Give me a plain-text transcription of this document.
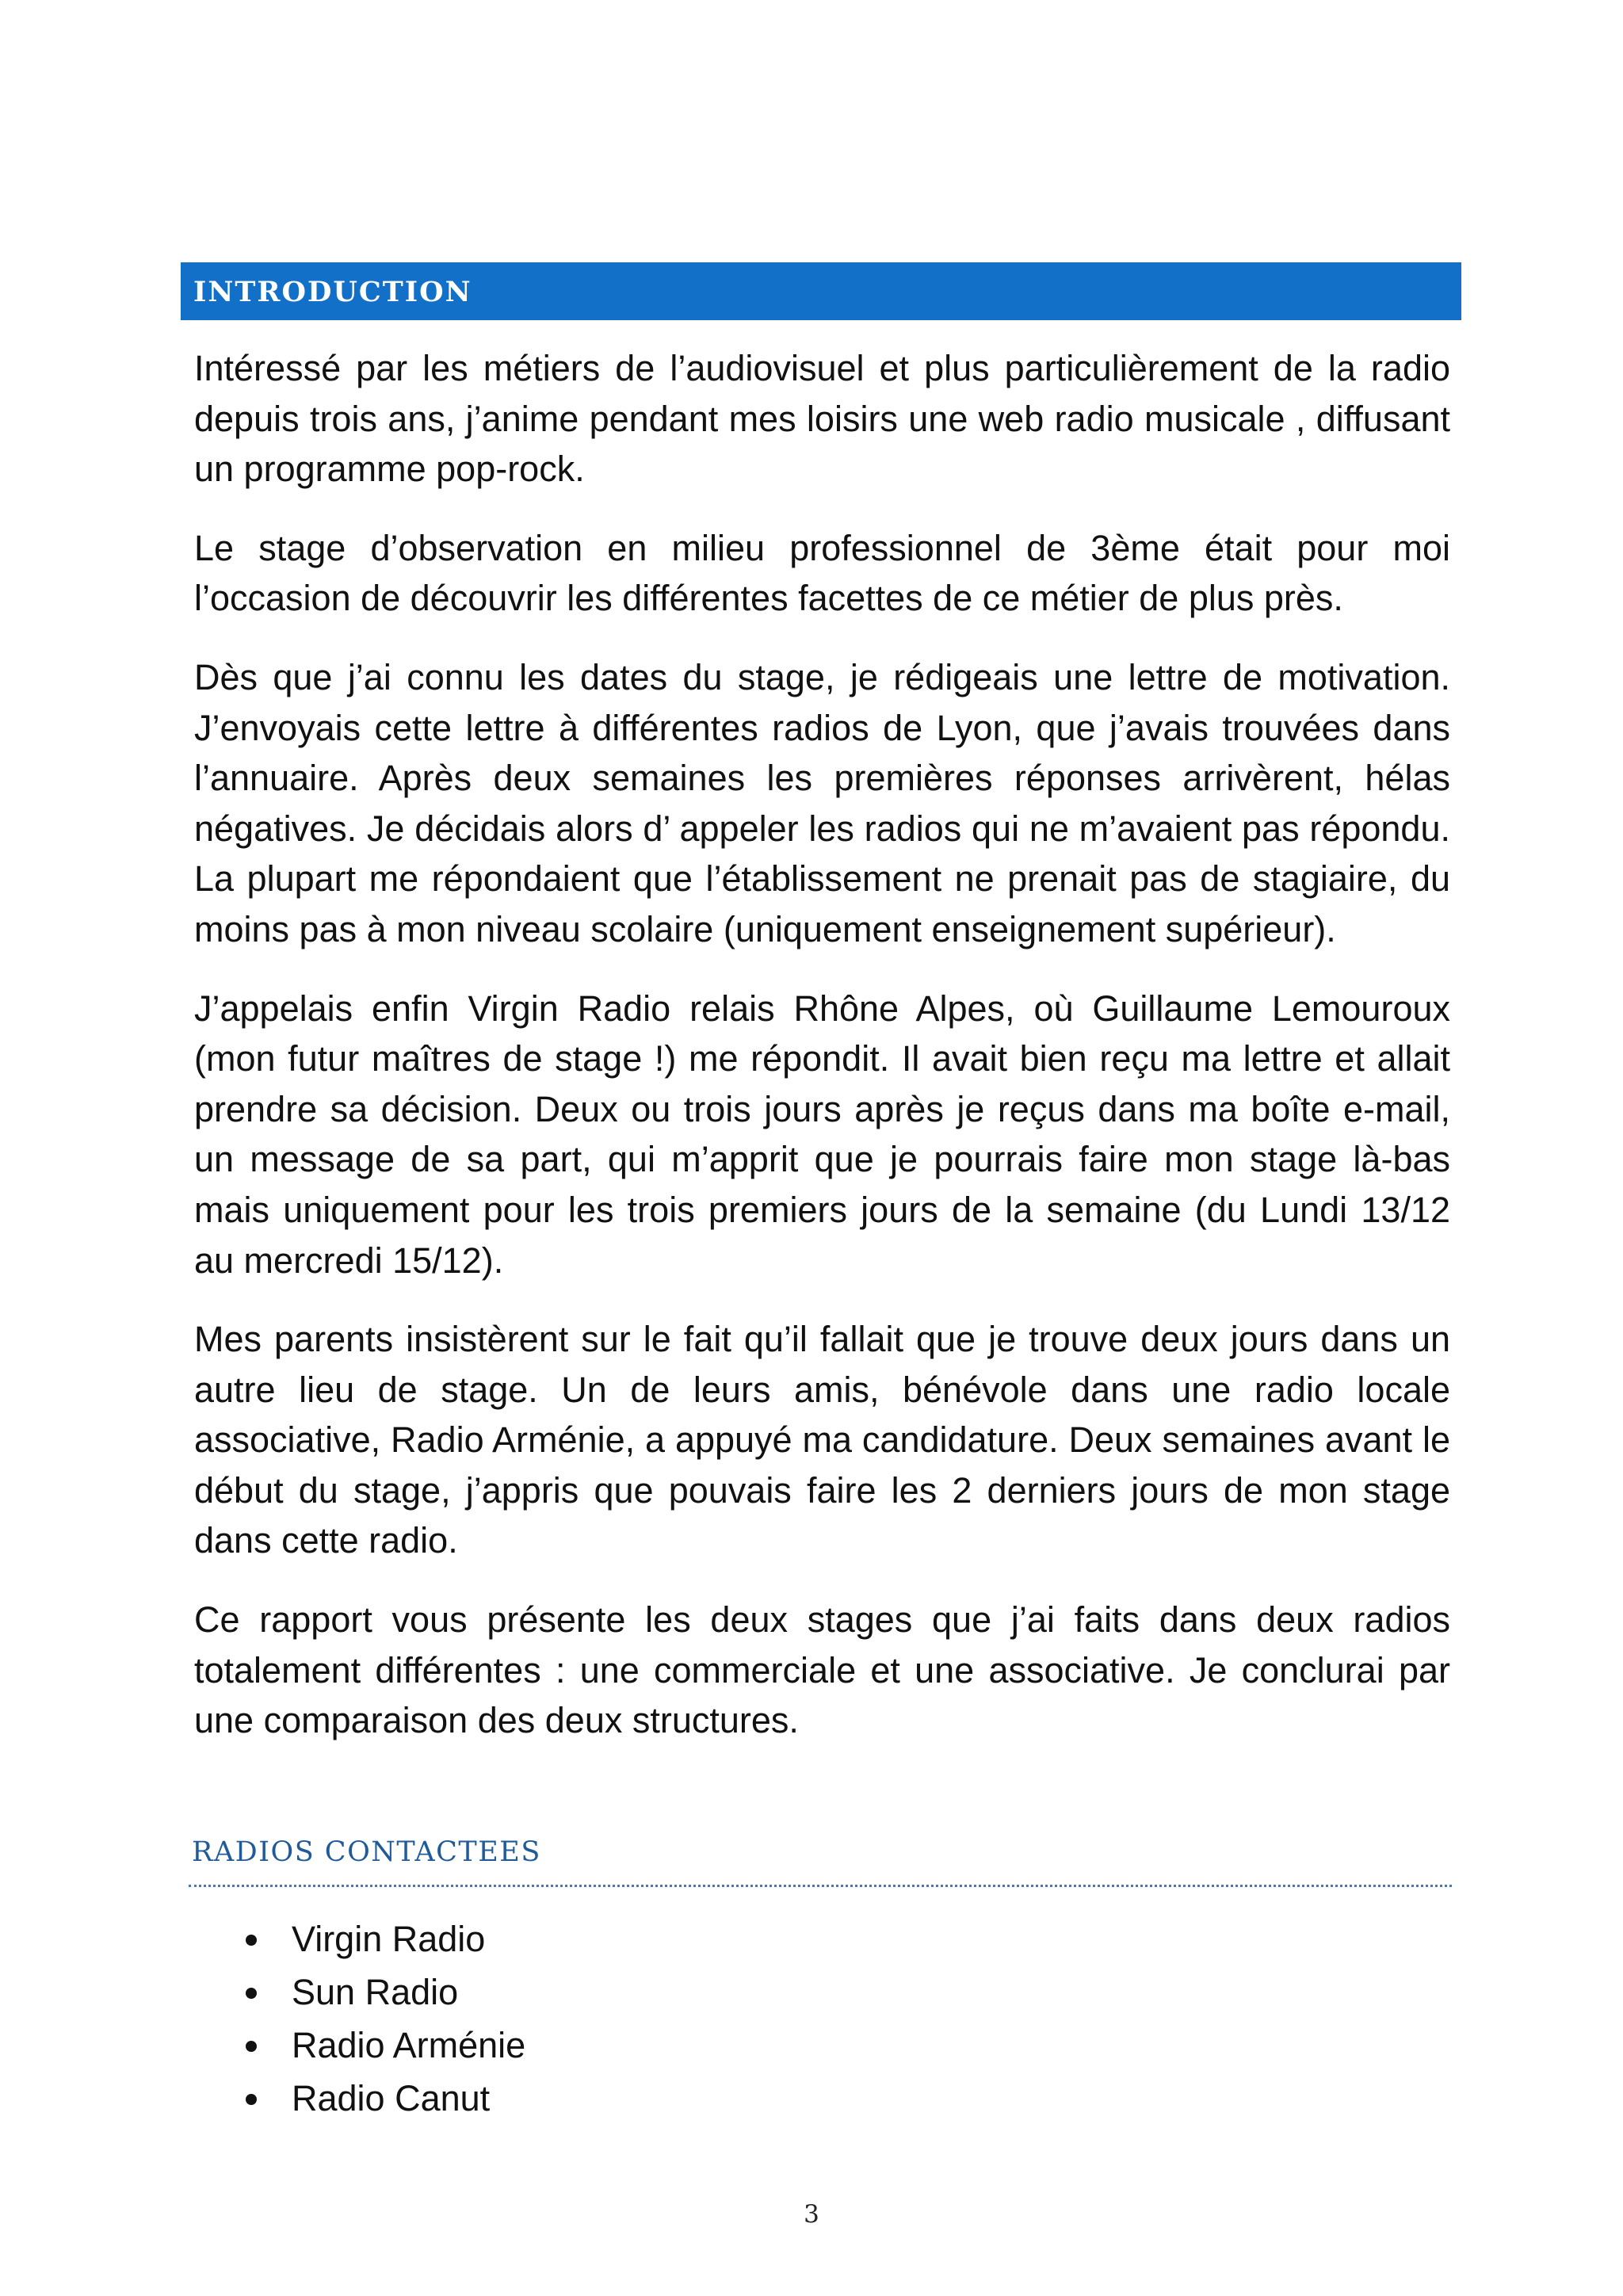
INTRODUCTION

Intéressé par les métiers de l’audiovisuel et plus particulièrement de la radio depuis trois ans, j’anime pendant mes loisirs une web radio musicale , diffusant un programme pop-rock.

Le stage d’observation en milieu professionnel de 3ème était pour moi l’occasion de découvrir les différentes facettes de ce métier de plus près.

Dès que j’ai connu les dates du stage, je rédigeais une lettre de motivation. J’envoyais cette lettre à différentes radios de Lyon, que j’avais trouvées dans l’annuaire. Après deux semaines les premières réponses arrivèrent, hélas négatives. Je décidais alors d’ appeler les radios qui ne m’avaient pas répondu. La plupart me répondaient que l’établissement ne prenait pas de stagiaire, du moins pas à mon niveau scolaire (uniquement enseignement supérieur).

J’appelais enfin Virgin Radio relais Rhône Alpes, où Guillaume Lemouroux (mon futur maîtres de stage !) me répondit. Il avait bien reçu ma lettre et allait prendre sa décision. Deux ou trois jours après je reçus dans ma boîte e-mail, un message de sa part, qui m’apprit que je pourrais faire mon stage là-bas mais uniquement pour les trois premiers jours de la semaine (du Lundi 13/12 au mercredi 15/12).

Mes parents insistèrent sur le fait qu’il fallait que je trouve deux jours dans un autre lieu de stage. Un de leurs amis, bénévole dans une radio locale associative, Radio Arménie, a appuyé ma candidature. Deux semaines avant le début du stage, j’appris que pouvais faire les 2 derniers jours de mon stage dans cette radio.

Ce rapport vous présente les deux stages que j’ai faits dans deux radios totalement différentes : une commerciale et une associative. Je conclurai par une comparaison des deux structures.

RADIOS CONTACTEES
Virgin Radio
Sun Radio
Radio Arménie
Radio Canut
3
